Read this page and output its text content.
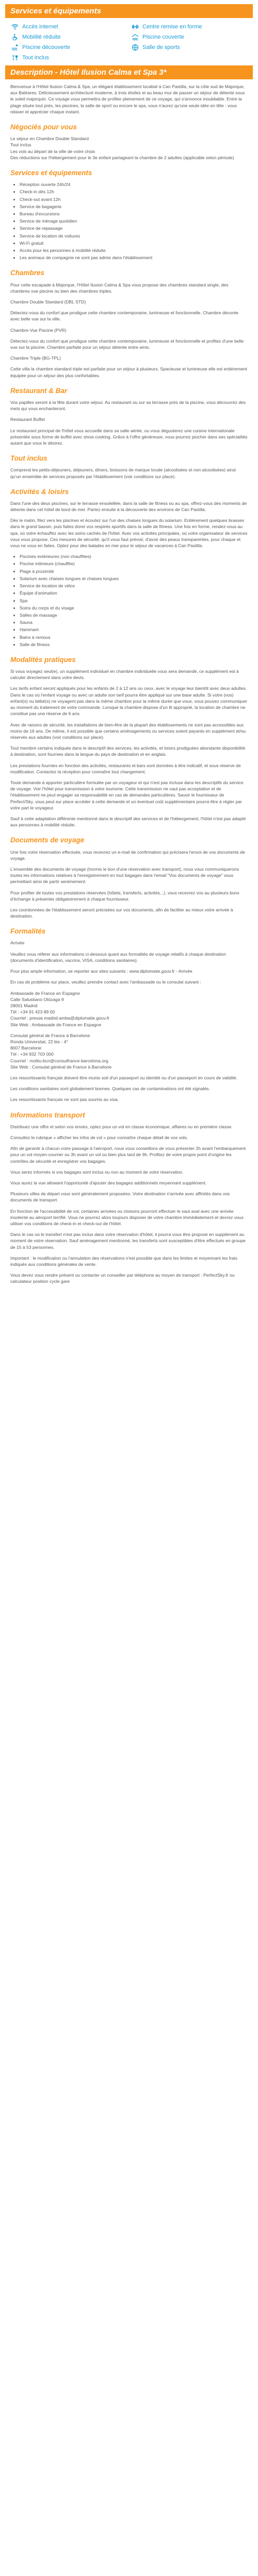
Services et équipements
Accès internet	Centre remise en forme
Mobilité réduite	Piscine couverte
Piscine découverte	Salle de sports
Tout inclus
Description - Hôtel Ilusion Calma et Spa 3*

Bienvenue à l'Hôtel Ilusion Calma & Spa, un élégant établissement localisé à Can Pastilla, sur la côte sud de Majorque, aux Baléares. Délicieusement architecturé moderne, à trois étoiles et au beau mur de passer un séjour de détente sous le soleil majorquin. Ce voyage vous permettra de profiter pleinement de ce voyage, qui s'annonce inoubliable. Entre la plage située tout près, les piscines, la salle de sport ou encore le spa, vous n'aurez qu'une seule idée en tête : vous relaxer et apprécier chaque instant.

Négociés pour vous
Le séjour en Chambre Double Standard
Tout inclus
Les vols au départ de la ville de votre choix
Des réductions sur l'hébergement pour le 3e enfant partageant la chambre de 2 adultes (applicable selon période)
Services et équipements
• Réception ouverte 24h/24
• Check-in dès 12h
• Check-out avant 12h
• Service de bagagerie
• Bureau d'excursions
• Service de ménage quotidien
• Service de repassage
• Service de location de voitures
• Wi-Fi gratuit
• Accès pour les personnes à mobilité réduite
• Les animaux de compagnie ne sont pas admis dans l'établissement
Chambres

Pour cette escapade à Majorque, l'Hôtel Ilusion Calma & Spa vous propose des chambres standard single, des chambres vue piscine ou bien des chambres triples.

Chambre Double Standard (DBL STD)

Détectez-vous du confort que prodigue cette chambre contemporaine, lumineuse et fonctionnelle. Chambre décorée avec belle vue sur la ville.

Chambre Vue Piscine (PVR)

Détectez-vous du confort que prodigue cette chambre contemporaine, lumineuse et fonctionnelle et profitez d'une belle vue sur la piscine. Chambre parfaite pour un séjour détente entre amis.

Chambre Triple (BG-TPL)

Cette villa la chambre standard triple est parfaite pour un séjour à plusieurs. Spacieuse et lumineuse elle est entièrement équipée pour un séjour des plus confortables.

Restaurant & Bar

Vos papilles seront à la fête durant votre séjour. Au restaurant ou sur sa terrasse près de la piscine, vous découvrez des mets qui vous enchanteront.

Restaurant Buffet

Le restaurant principal de l'hôtel vous accueille dans sa salle aérée, ou vous dégusterez une cuisine internationale présentée sous forme de buffet avec show cooking. Grâce à l'offre généreuse, vous pourrez piocher dans ses spécialités autant que vous le désirez.

Tout inclus

Comprend les petits-déjeuners, déjeuners, dîners, boissons de marque locale (alcoolisées et non alcoolisées) ainsi qu'un ensemble de services proposés par l'établissement (voir conditions sur place).

Activités & loisirs

Dans l'une des deux piscines, sur le terrasse ensoleillée, dans la salle de fitness ou au spa, offrez-vous des moments de détente dans cet hôtel de bord de mer. Partez ensuite à la découverte des environs de Can Pastilla.

Dès le matin, filez vers les piscines et écoutez sur l'un des chaises longues du solarium. Entièrement quelques brasses dans le grand bassin, puis faites dorer vos respirés sportifs dans la salle de fitness. Une fois en forme, rendez-vous au spa, où votre échauffez avec les soins cachés de l'hôtel. Avec vos activités principales, où votre organisateur de services vous vous propose. Ces mesures de sécurité, qu'il vous faut prévoir, d'avoir des peaux transparentes, pour chaque et vous ne vous en faites. Optez pour des balades en mer pour le séjour de vacances à Can Pastilla.

• Piscines extérieures (non chauffées)
• Piscine intérieure (chauffée)
• Plage à proximité
• Solarium avec chaises longues et chaises longues
• Service de location de vélos
• Équipe d'animation
• Spa
• Soins du corps et du visage
• Salles de massage
• Sauna
• Hammam
• Bains à remous
• Salle de fitness
Modalités pratiques

Si vous voyagez seul(e), un supplément individuel en chambre individuelle vous sera demandé, ce supplément est à calculer directement dans votre devis.

Les tarifs enfant seront appliqués pour les enfants de 2 à 12 ans ou ceux, avec le voyage leur bientôt avec deux adultes. Dans le cas où l'enfant voyage ou avec un adulte son tarif pourra être appliqué sur une base adulte. Si votre (vos) enfant(s) ou bébé(s) ne voyagent pas dans la même chambre pour la même durée que vous, vous pouvez communiquer au moment du traitement de votre commande. Lorsque la chambre dispose d'un lit approprié, la location de chambre ne constitue pas une réserve de 6 ans.

Avec de raisons de sécurité, les installations de bien-être de la plupart des établissements ne sont pas accessibles aux moins de 16 ans. De même, il est possible que certains aménagements ou services soient payants en supplément et/ou réservés aux adultes (voir conditions sur place).

Tout membre certains indiquée dans le descriptif des services, les activités, et loisirs prodiguées abondante disponibilité à destination, sont fournies dans la langue du pays de destination et en anglais.

Les prestations fournies en fonction des activités, restaurants et bars sont données à titre indicatif, et sous réserve de modification. Contactez la réception pour connaître tout changement.

Toute demande à apporter particulière formulée par un voyageur et qui n'est pas incluse dans les descriptifs du service de voyage. Voir l'hôtel pour transmission à votre tourisme. Cette transmission ne vaut pas acceptation et de l'établissement ne peut engager sa responsabilité en cas de demandes particulières. Savoir le fournisseur de Perfect/Sky, vous peut sur place accéder à cette demande et un éventuel coût supplémentaire pourra être à régler par votre part le voyageur.

Sauf à cette adaptation différente mentionné dans le descriptif des services et de l'hébergement, l'hôtel n'est pas adapté aux personnes à mobilité réduite.

Documents de voyage

Une fois votre réservation effectuée, vous recevrez un e-mail de confirmation qui précisera l'envoi de vos documents de voyage.

L'ensemble des documents de voyage (hormis le bon d'une réservation avec transport), nous vous communiquerons toutes les informations relatives à l'enregistrement en tout bagages dans l'email "Vos documents de voyage" vous permettant ainsi de partir sereinement.

Pour profiter de toutes vos prestations réservées (hôtels, transferts, activités...), vous recevrez vos au plusieurs bons d'échange à présenter obligatoirement à chaque fournisseur.

Les coordonnées de l'établissement seront précisées sur vos documents, afin de faciliter au mieux votre arrivée à destination.

Formalités

Arrivée

Veuillez vous référer aux informations ci-dessous quant aux formalités de voyage relatifs à chaque destination (documents d'identification, vaccins, VISA, conditions sanitaires).

Pour plus ample information, se reporter aux sites suivants : www.diplomatie.gouv.fr - Arrivée

En cas de problème sur place, veuillez prendre contact avec l'ambassade ou le consulat suivant :

Ambassade de France en Espagne
Calle Salustiano Olózaga 9
28001 Madrid
Tél : +34 91 423 89 00
Courriel : presse.madrid-amba@diplomatie.gouv.fr
Site Web : Ambassade de France en Espagne

Consulat général de France à Barcelone
Ronda Universitat, 22 bis - 4°
8007 Barcelone
Tél : +34 932 703 000
Courriel : molitu-bcn@consulfrance-barcelona.org
Site Web : Consulat général de France à Barcelone

Les ressortissants français doivent être munis soit d'un passeport ou identité ou d'un passeport en cours de validité.

Les conditions sanitaires sont globalement bonnes. Quelques cas de contaminations ont été signalés.

Les ressortissants français ne sont pas soumis au visa.

Informations transport

Distribuez une offre et selon vos envies, optez pour un vol en classe économique, affaires ou en première classe.

Consultez le rubrique « afficher les infos de vol » pour connaître chaque détail de vos vols.

Afin de garantir à chacun votre passage à l'aéroport, nous vous conseillons de vous présenter 2h avant l'embarquement pour un vol moyen-courrier ou 3h avant un vol ou bien plus tard de 9h. Profitez de votre propre point d'origine les contrôles de sécurité et enregistrer vos bagages.

Vous serez informés si vos bagages sont inclus ou non au moment de votre réservation.

Vous aurez la vue allowant l'opportunité d'ajouter des bagages additionnels moyennant supplément.

Plusieurs villes de départ vous sont généralement proposées. Votre destination n'arrivée avec affinités dans vos documents de transport.

En fonction de l'accessibilité de vol, certaines arrivées ou cloisons pourront effectuer le saut aval avec une arrivée insolente au aéroport terrifié. Vous ne pourrez alors toujours disposer de votre chambre immédiatement et devrez vous utiliser vos conditions de check-in et check-out de l'hôtel.

Dans le cas où le transfert n'est pas inclus dans votre réservation d'hôtel, il pourra vous être proposé en supplément au moment de votre réservation. Sauf aménagement mentionné, les transferts sont susceptibles d'être effectués en groupe de 15 à 53 personnes.

Important : le modification ou l'annulation des réservations n'est possible que dans les limites et moyennant les frais indiqués aux conditions générales de vente.

Vous devez vous rendre présent ou contacter un conseiller par téléphone au moyen de transport : PerfectSky.fr ou calculateur position cycle gare
